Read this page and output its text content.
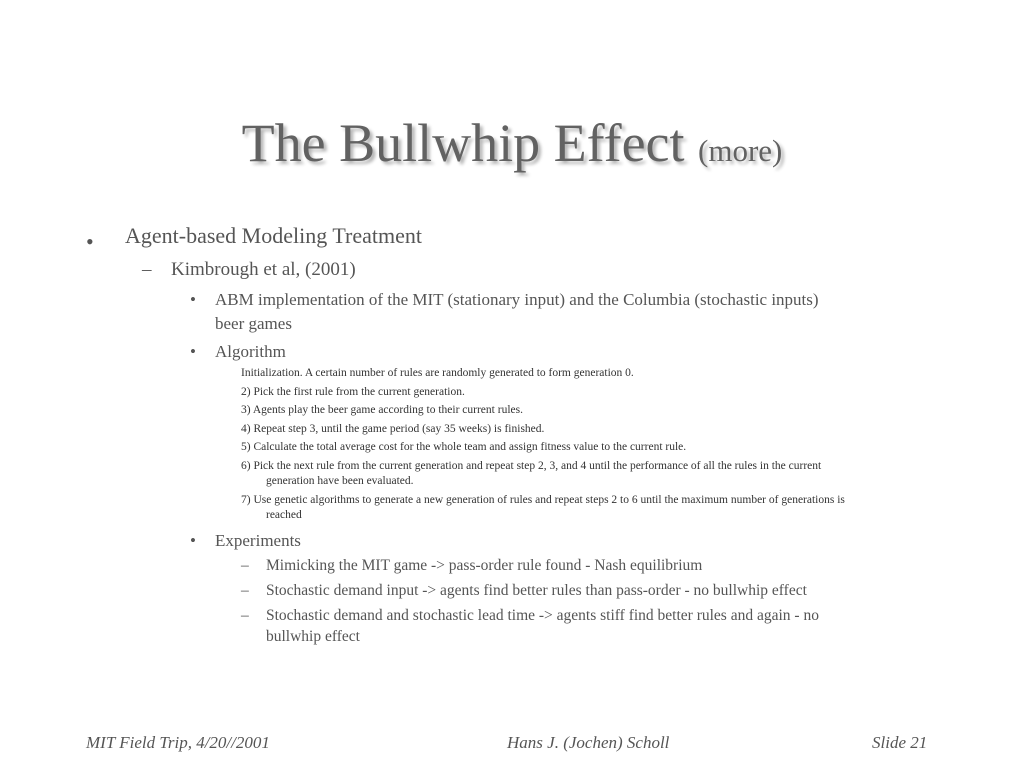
The Bullwhip Effect (more)
• Agent-based Modeling Treatment
– Kimbrough et al, (2001)
• ABM implementation of the MIT (stationary input) and the Columbia (stochastic inputs)
beer games
• Algorithm
Initialization. A certain number of rules are randomly generated to form generation 0.
2) Pick the first rule from the current generation.
3) Agents play the beer game according to their current rules.
4) Repeat step 3, until the game period (say 35 weeks) is finished.
5) Calculate the total average cost for the whole team and assign fitness value to the current rule.
6) Pick the next rule from the current generation and repeat step 2, 3, and 4 until the performance of all the rules in the current
generation have been evaluated.
7) Use genetic algorithms to generate a new generation of rules and repeat steps 2 to 6 until the maximum number of generations is
reached
• Experiments
– Mimicking the MIT game -> pass-order rule found - Nash equilibrium
– Stochastic demand input -> agents find better rules than pass-order - no bullwhip effect
– Stochastic demand and stochastic lead time -> agents stiff find better rules and again - no
bullwhip effect
MIT Field Trip, 4/20//2001	Hans J. (Jochen) Scholl	Slide 21
